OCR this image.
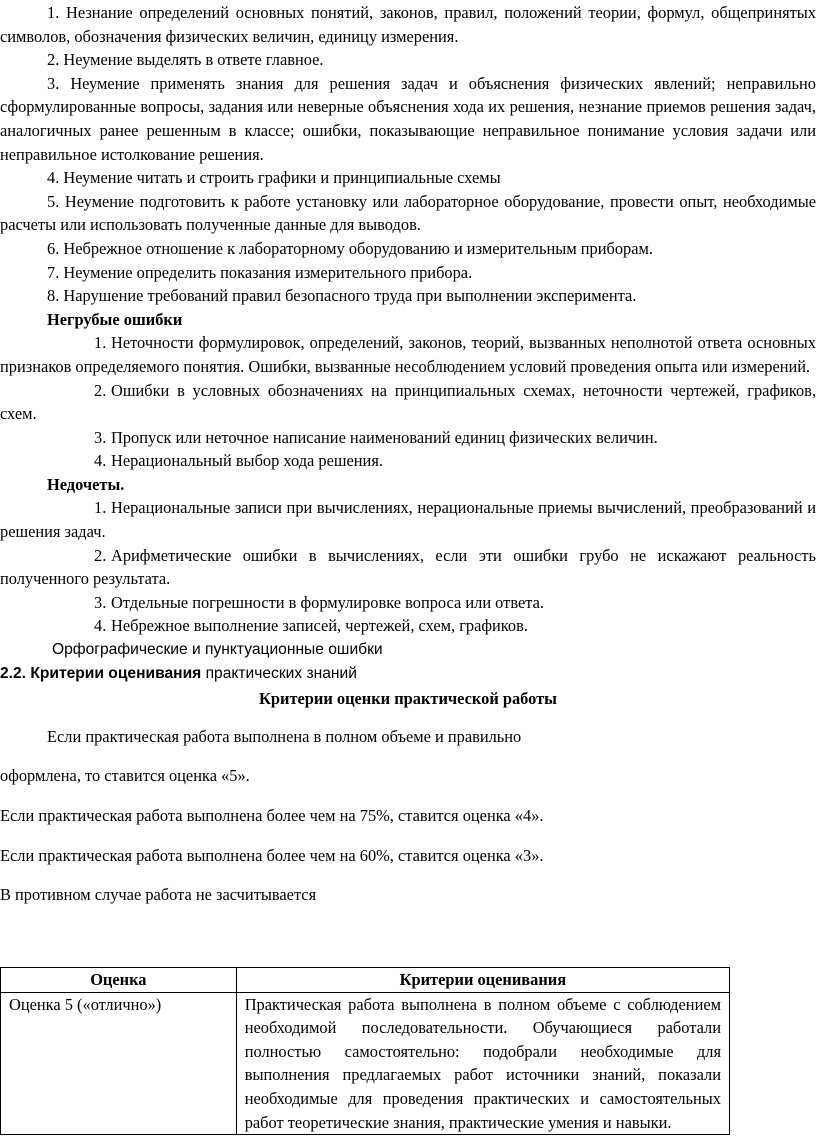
1. Незнание определений основных понятий, законов, правил, положений теории, формул, общепринятых символов, обозначения физических величин, единицу измерения.

2. Неумение выделять в ответе главное.

3. Неумение применять знания для решения задач и объяснения физических явлений; неправильно сформулированные вопросы, задания или неверные объяснения хода их решения, незнание приемов решения задач, аналогичных ранее решенным в классе; ошибки, показывающие неправильное понимание условия задачи или неправильное истолкование решения.

4. Неумение читать и строить графики и принципиальные схемы

5. Неумение подготовить к работе установку или лабораторное оборудование, провести опыт, необходимые расчеты или использовать полученные данные для выводов.

6. Небрежное отношение к лабораторному оборудованию и измерительным приборам.

7. Неумение определить показания измерительного прибора.

8. Нарушение требований правил безопасного труда при выполнении эксперимента.

Негрубые ошибки

1. Неточности формулировок, определений, законов, теорий, вызванных неполнотой ответа основных признаков определяемого понятия. Ошибки, вызванные несоблюдением условий проведения опыта или измерений.

2. Ошибки в условных обозначениях на принципиальных схемах, неточности чертежей, графиков, схем.

3. Пропуск или неточное написание наименований единиц физических величин.

4. Нерациональный выбор хода решения.

Недочеты.

1. Нерациональные записи при вычислениях, нерациональные приемы вычислений, преобразований и решения задач.

2. Арифметические ошибки в вычислениях, если эти ошибки грубо не искажают реальность полученного результата.

3. Отдельные погрешности в формулировке вопроса или ответа.

4. Небрежное выполнение записей, чертежей, схем, графиков.

Орфографические и пунктуационные ошибки

2.2. Критерии оценивания практических знаний

Критерии оценки практической работы

Если практическая работа выполнена в полном объеме и правильно

оформлена, то ставится оценка «5».

Если практическая работа выполнена более чем на 75%, ставится оценка «4».

Если практическая работа выполнена более чем на 60%, ставится оценка «3».

В противном случае работа не засчитывается

Оценка	Критерии оценивания
Оценка 5 («отлично»)	Практическая работа выполнена в полном объеме с соблюдением необходимой последовательности. Обучающиеся работали полностью самостоятельно: подобрали необходимые для выполнения предлагаемых работ источники знаний, показали необходимые для проведения практических и самостоятельных работ теоретические знания, практические умения и навыки.
